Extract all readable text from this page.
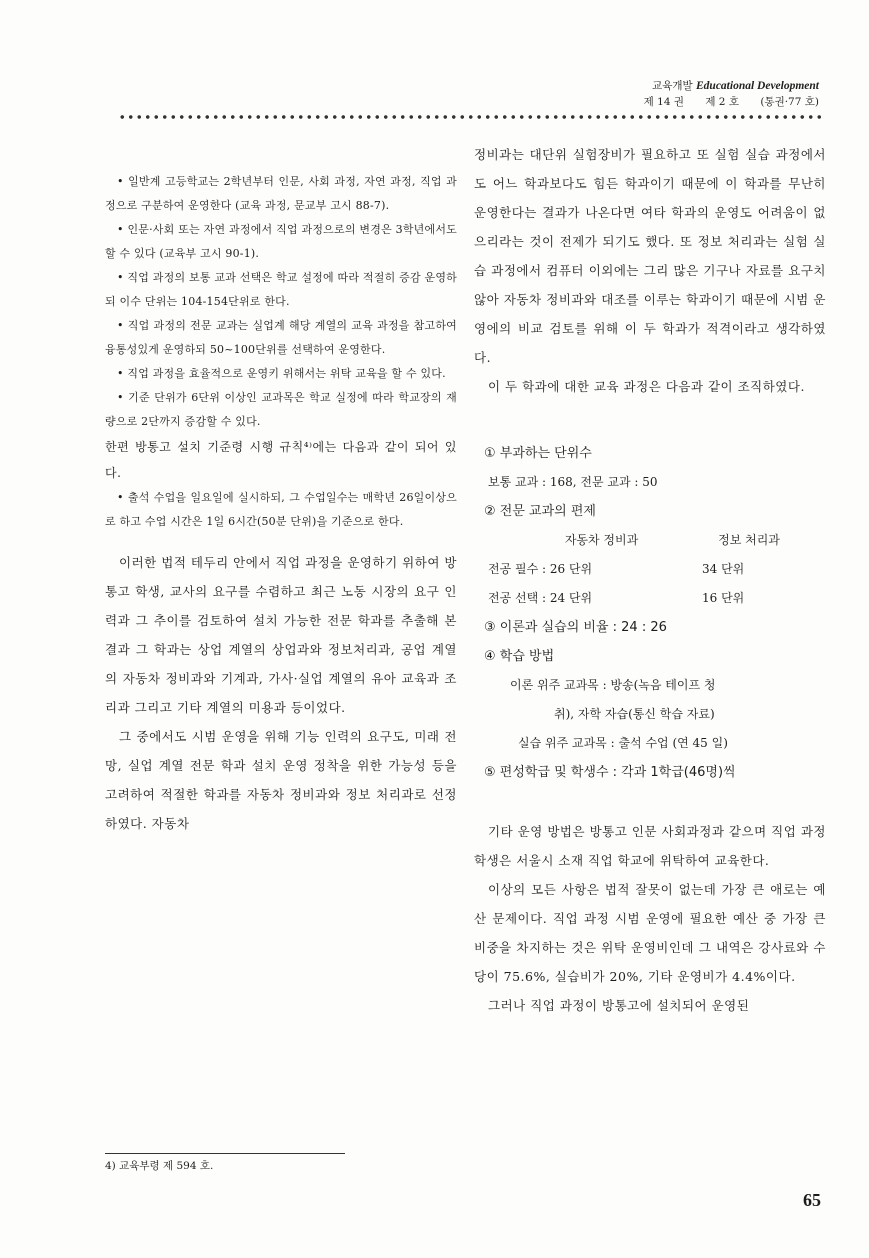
교육개발 Educational Development
제 14 권 제 2 호 (통권·77 호)

• 일반계 고등학교는 2학년부터 인문, 사회 과정, 자연 과정, 직업 과정으로 구분하여 운영한다 (교육 과정, 문교부 고시 88-7).

• 인문·사회 또는 자연 과정에서 직업 과정으로의 변경은 3학년에서도 할 수 있다 (교육부 고시 90-1).

• 직업 과정의 보통 교과 선택은 학교 설정에 따라 적절히 증감 운영하되 이수 단위는 104-154단위로 한다.

• 직업 과정의 전문 교과는 실업계 해당 계열의 교육 과정을 참고하여 융통성있게 운영하되 50~100단위를 선택하여 운영한다.

• 직업 과정을 효율적으로 운영키 위해서는 위탁 교육을 할 수 있다.

• 기준 단위가 6단위 이상인 교과목은 학교 실정에 따라 학교장의 재량으로 2단까지 증감할 수 있다.

한편 방통고 설치 기준령 시행 규칙⁴⁾에는 다음과 같이 되어 있다.

• 출석 수업을 일요일에 실시하되, 그 수업일수는 매학년 26일이상으로 하고 수업 시간은 1일 6시간(50분 단위)을 기준으로 한다.

이러한 법적 테두리 안에서 직업 과정을 운영하기 위하여 방통고 학생, 교사의 요구를 수렴하고 최근 노동 시장의 요구 인력과 그 추이를 검토하여 설치 가능한 전문 학과를 추출해 본 결과 그 학과는 상업 계열의 상업과와 정보처리과, 공업 계열의 자동차 정비과와 기계과, 가사·실업 계열의 유아 교육과 조리과 그리고 기타 계열의 미용과 등이었다.

그 중에서도 시범 운영을 위해 기능 인력의 요구도, 미래 전망, 실업 계열 전문 학과 설치 운영 정착을 위한 가능성 등을 고려하여 적절한 학과를 자동차 정비과와 정보 처리과로 선정하였다. 자동차

정비과는 대단위 실험장비가 필요하고 또 실험 실습 과정에서도 어느 학과보다도 힘든 학과이기 때문에 이 학과를 무난히 운영한다는 결과가 나온다면 여타 학과의 운영도 어려움이 없으리라는 것이 전제가 되기도 했다. 또 정보 처리과는 실험 실습 과정에서 컴퓨터 이외에는 그리 많은 기구나 자료를 요구치 않아 자동차 정비과와 대조를 이루는 학과이기 때문에 시범 운영에의 비교 검토를 위해 이 두 학과가 적격이라고 생각하였다.

이 두 학과에 대한 교육 과정은 다음과 같이 조직하였다.

① 부과하는 단위수

보통 교과 : 168, 전문 교과 : 50

② 전문 교과의 편제

자동차 정비과	정보 처리과
전공 필수 : 26 단위	34 단위
전공 선택 : 24 단위	16 단위

③ 이론과 실습의 비율 : 24 : 26

④ 학습 방법

이론 위주 교과목 : 방송(녹음 테이프 청

취), 자학 자습(통신 학습 자료)

실습 위주 교과목 : 출석 수업 (연 45 일)

⑤ 편성학급 및 학생수 : 각과 1학급(46명)씩

기타 운영 방법은 방통고 인문 사회과정과 같으며 직업 과정 학생은 서울시 소재 직업 학교에 위탁하여 교육한다.

이상의 모든 사항은 법적 잘못이 없는데 가장 큰 애로는 예산 문제이다. 직업 과정 시범 운영에 필요한 예산 중 가장 큰 비중을 차지하는 것은 위탁 운영비인데 그 내역은 강사료와 수당이 75.6%, 실습비가 20%, 기타 운영비가 4.4%이다.

그러나 직업 과정이 방통고에 설치되어 운영된

4) 교육부령 제 594 호.
65
